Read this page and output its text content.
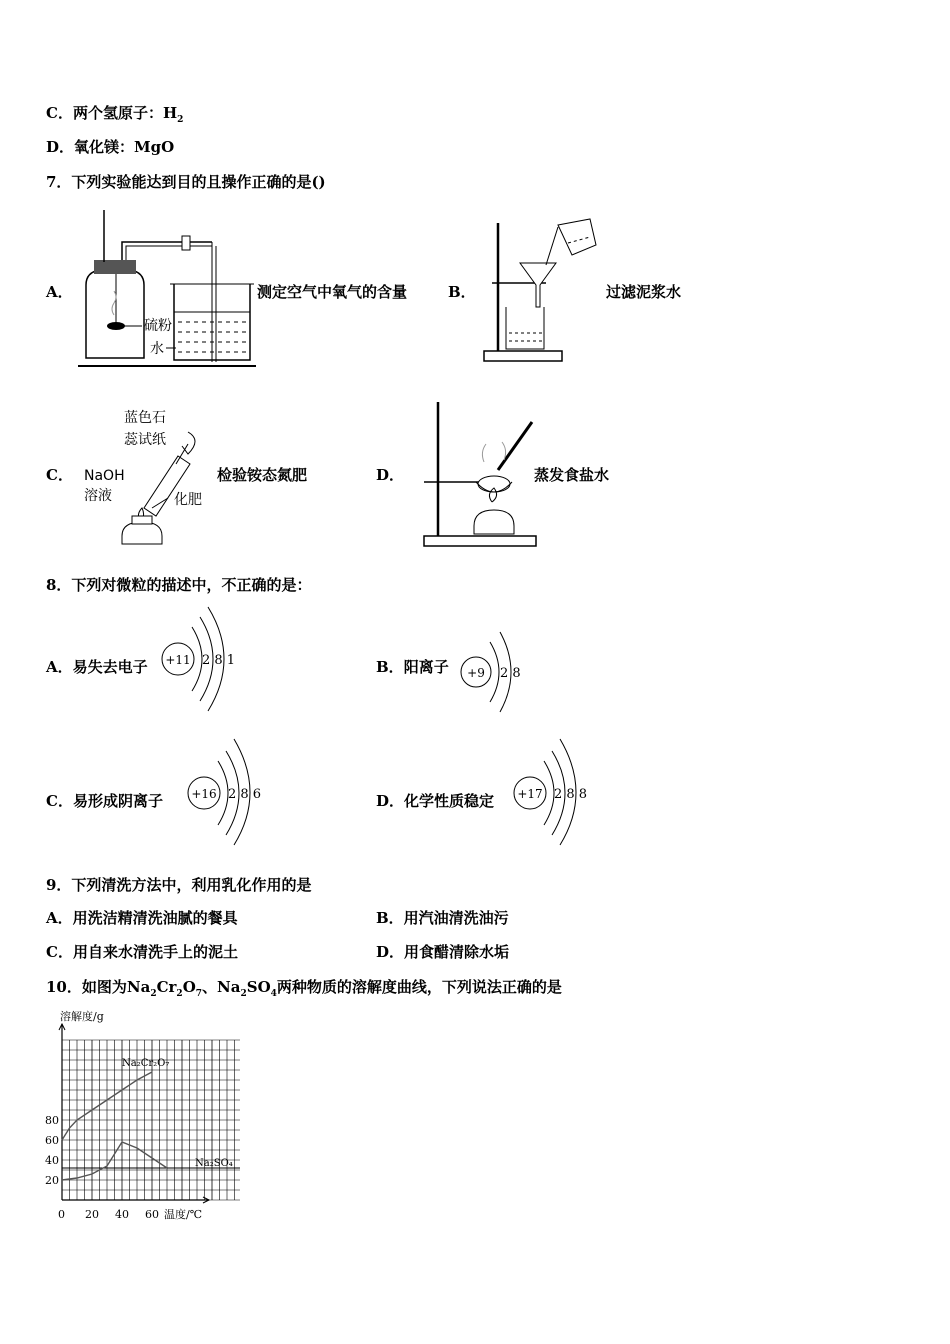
C．两个氢原子：$H_2$
D．氧化镁：MgO
7．下列实验能达到目的且操作正确的是()
A．
硫粉
水
测定空气中氧气的含量	B．	过滤泥浆水
C．
蓝色石
蕊试纸
NaOH
溶液	化肥
检验铵态氮肥	D．	蒸发食盐水
8．下列对微粒的描述中，不正确的是：
A．易失去电子 +11 2 8 1	B．阳离子 +9 2 8
C．易形成阴离子 +16 2 8 6	D．化学性质稳定 +17 2 8 8
9．下列清洗方法中，利用乳化作用的是
A．用洗洁精清洗油腻的餐具	B．用汽油清洗油污
C．用自来水清洗手上的泥土	D．用食醋清除水垢
10．如图为$Na_2Cr_2O_7$、$Na_2SO_4$两种物质的溶解度曲线，下列说法正确的是
0 20 40 60
20
40
60
80
溶解度/g
温度/℃
Na₂Cr₂O₇
Na₂SO₄
